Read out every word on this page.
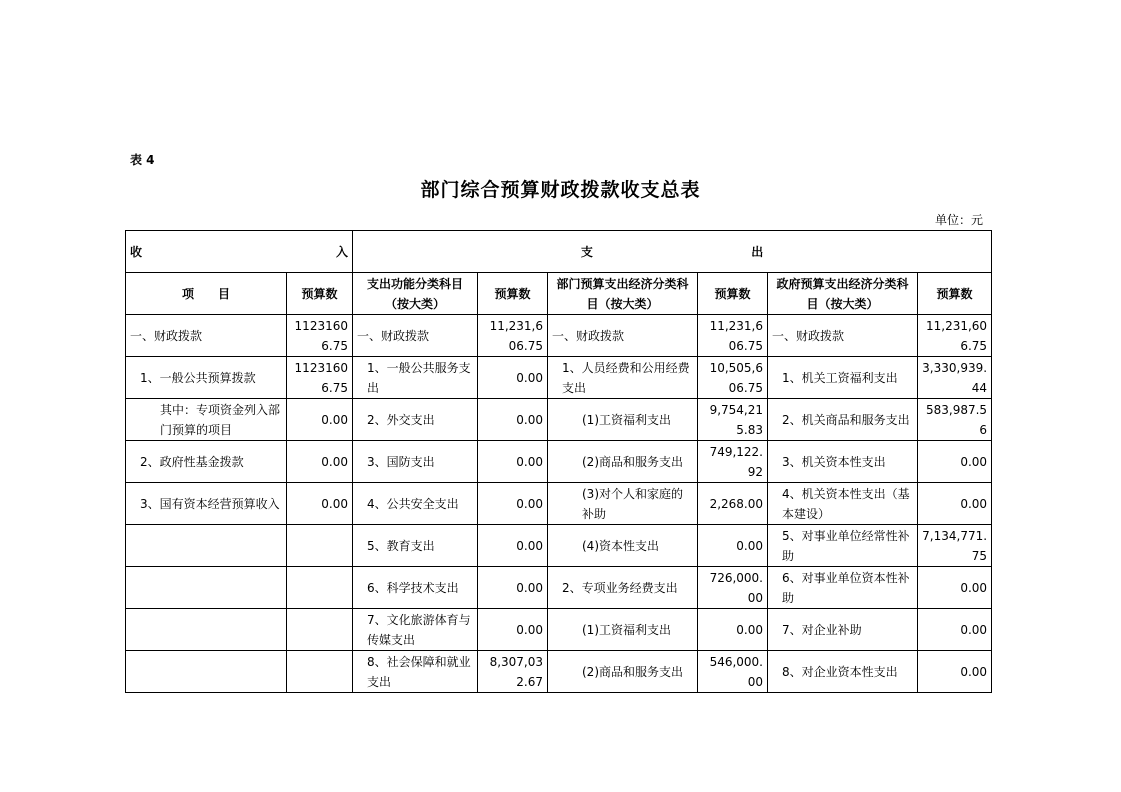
表 4
部门综合预算财政拨款收支总表
单位：元
收 入		支 出					
项　　目	预算数	支出功能分类科目（按大类）	预算数	部门预算支出经济分类科目（按大类）	预算数	政府预算支出经济分类科目（按大类）	预算数
一、财政拨款	11231606.75	一、财政拨款	11,231,606.75	一、财政拨款	11,231,606.75	一、财政拨款	11,231,606.75
1、一般公共预算拨款	11231606.75	1、一般公共服务支出	0.00	1、人员经费和公用经费支出	10,505,606.75	1、机关工资福利支出	3,330,939.44
其中：专项资金列入部门预算的项目	0.00	2、外交支出	0.00	(1)工资福利支出	9,754,215.83	2、机关商品和服务支出	583,987.56
2、政府性基金拨款	0.00	3、国防支出	0.00	(2)商品和服务支出	749,122.92	3、机关资本性支出	0.00
3、国有资本经营预算收入	0.00	4、公共安全支出	0.00	(3)对个人和家庭的补助	2,268.00	4、机关资本性支出（基本建设）	0.00
		5、教育支出	0.00	(4)资本性支出	0.00	5、对事业单位经常性补助	7,134,771.75
		6、科学技术支出	0.00	2、专项业务经费支出	726,000.00	6、对事业单位资本性补助	0.00
		7、文化旅游体育与传媒支出	0.00	(1)工资福利支出	0.00	7、对企业补助	0.00
		8、社会保障和就业支出	8,307,032.67	(2)商品和服务支出	546,000.00	8、对企业资本性支出	0.00
